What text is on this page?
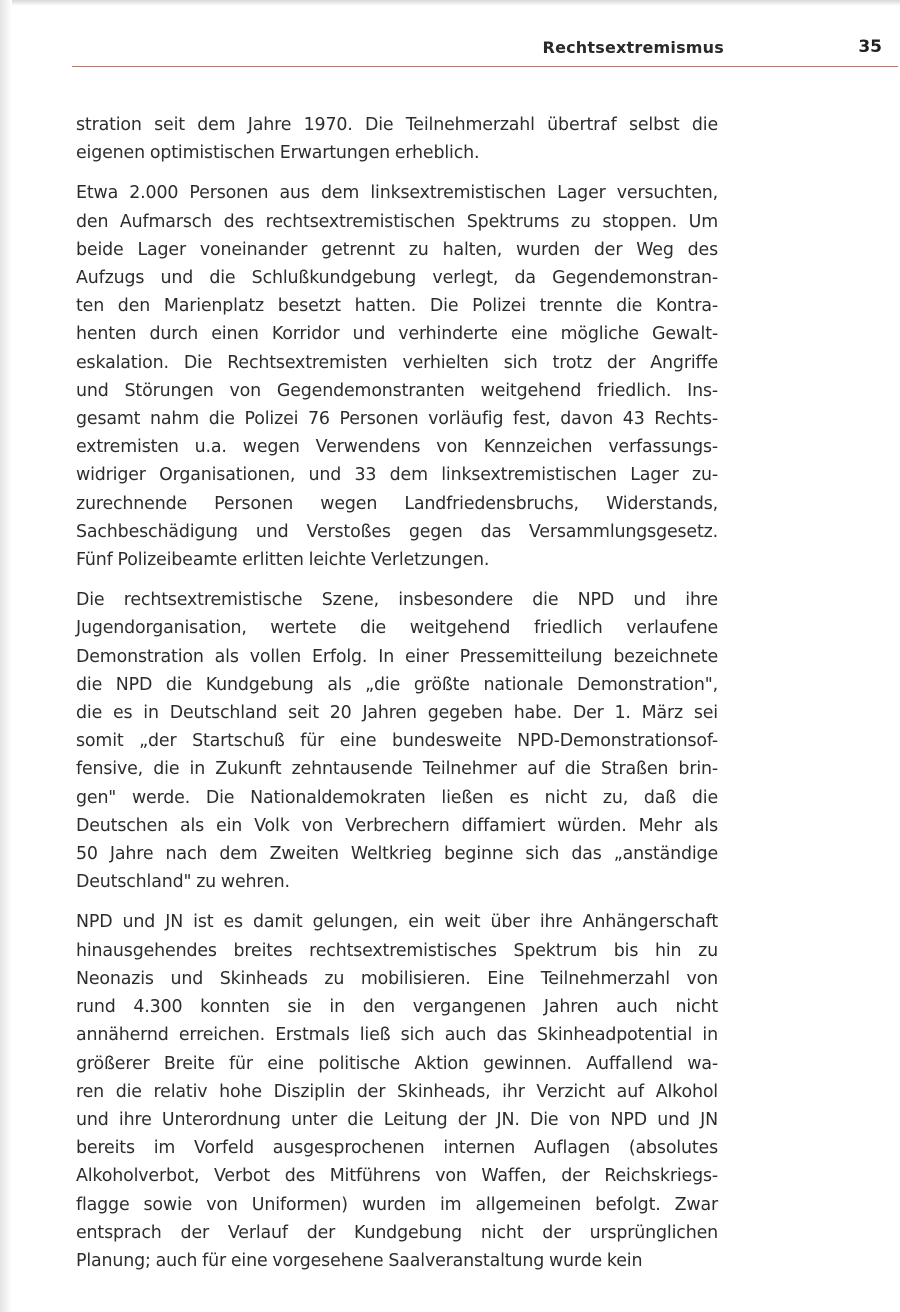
Rechtsextremismus	35

stration seit dem Jahre 1970. Die Teilnehmerzahl übertraf selbst die
eigenen optimistischen Erwartungen erheblich.

Etwa 2.000 Personen aus dem linksextremistischen Lager versuchten,
den Aufmarsch des rechtsextremistischen Spektrums zu stoppen. Um
beide Lager voneinander getrennt zu halten, wurden der Weg des
Aufzugs und die Schlußkundgebung verlegt, da Gegendemonstran-
ten den Marienplatz besetzt hatten. Die Polizei trennte die Kontra-
henten durch einen Korridor und verhinderte eine mögliche Gewalt-
eskalation. Die Rechtsextremisten verhielten sich trotz der Angriffe
und Störungen von Gegendemonstranten weitgehend friedlich. Ins-
gesamt nahm die Polizei 76 Personen vorläufig fest, davon 43 Rechts-
extremisten u.a. wegen Verwendens von Kennzeichen verfassungs-
widriger Organisationen, und 33 dem linksextremistischen Lager zu-
zurechnende Personen wegen Landfriedensbruchs, Widerstands,
Sachbeschädigung und Verstoßes gegen das Versammlungsgesetz.
Fünf Polizeibeamte erlitten leichte Verletzungen.

Die rechtsextremistische Szene, insbesondere die NPD und ihre
Jugendorganisation, wertete die weitgehend friedlich verlaufene
Demonstration als vollen Erfolg. In einer Pressemitteilung bezeichnete
die NPD die Kundgebung als „die größte nationale Demonstration",
die es in Deutschland seit 20 Jahren gegeben habe. Der 1. März sei
somit „der Startschuß für eine bundesweite NPD-Demonstrationsof-
fensive, die in Zukunft zehntausende Teilnehmer auf die Straßen brin-
gen" werde. Die Nationaldemokraten ließen es nicht zu, daß die
Deutschen als ein Volk von Verbrechern diffamiert würden. Mehr als
50 Jahre nach dem Zweiten Weltkrieg beginne sich das „anständige
Deutschland" zu wehren.

NPD und JN ist es damit gelungen, ein weit über ihre Anhängerschaft
hinausgehendes breites rechtsextremistisches Spektrum bis hin zu
Neonazis und Skinheads zu mobilisieren. Eine Teilnehmerzahl von
rund 4.300 konnten sie in den vergangenen Jahren auch nicht
annähernd erreichen. Erstmals ließ sich auch das Skinheadpotential in
größerer Breite für eine politische Aktion gewinnen. Auffallend wa-
ren die relativ hohe Disziplin der Skinheads, ihr Verzicht auf Alkohol
und ihre Unterordnung unter die Leitung der JN. Die von NPD und JN
bereits im Vorfeld ausgesprochenen internen Auflagen (absolutes
Alkoholverbot, Verbot des Mitführens von Waffen, der Reichskriegs-
flagge sowie von Uniformen) wurden im allgemeinen befolgt. Zwar
entsprach der Verlauf der Kundgebung nicht der ursprünglichen
Planung; auch für eine vorgesehene Saalveranstaltung wurde kein
